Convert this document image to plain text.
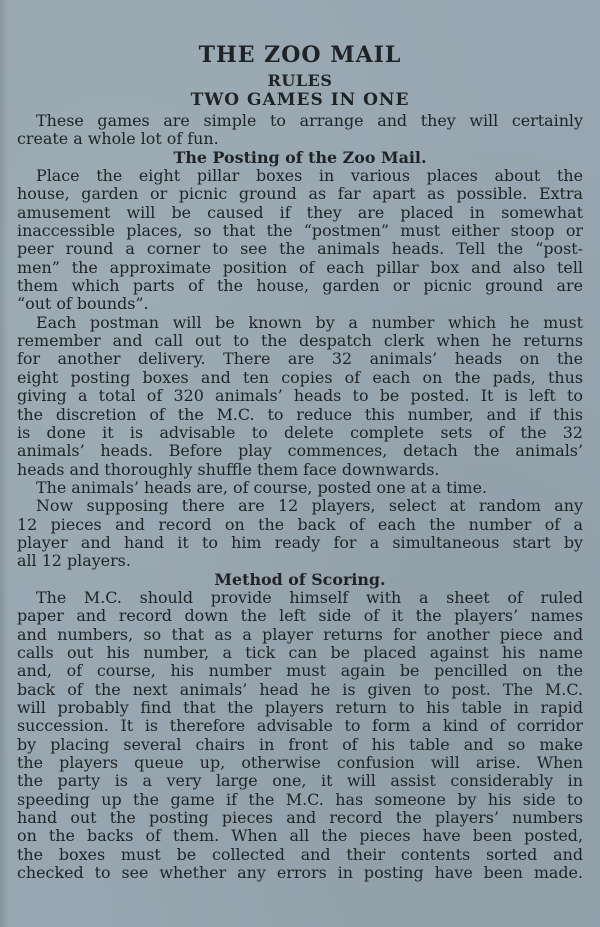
THE ZOO MAIL
RULES
TWO GAMES IN ONE
These games are simple to arrange and they will certainly
create a whole lot of fun.
The Posting of the Zoo Mail.
Place the eight pillar boxes in various places about the
house, garden or picnic ground as far apart as possible. Extra
amusement will be caused if they are placed in somewhat
inaccessible places, so that the “postmen” must either stoop or
peer round a corner to see the animals heads. Tell the “post-
men” the approximate position of each pillar box and also tell
them which parts of the house, garden or picnic ground are
“out of bounds”.
Each postman will be known by a number which he must
remember and call out to the despatch clerk when he returns
for another delivery. There are 32 animals’ heads on the
eight posting boxes and ten copies of each on the pads, thus
giving a total of 320 animals’ heads to be posted. It is left to
the discretion of the M.C. to reduce this number, and if this
is done it is advisable to delete complete sets of the 32
animals’ heads. Before play commences, detach the animals’
heads and thoroughly shuffle them face downwards.
The animals’ heads are, of course, posted one at a time.
Now supposing there are 12 players, select at random any
12 pieces and record on the back of each the number of a
player and hand it to him ready for a simultaneous start by
all 12 players.
Method of Scoring.
The M.C. should provide himself with a sheet of ruled
paper and record down the left side of it the players’ names
and numbers, so that as a player returns for another piece and
calls out his number, a tick can be placed against his name
and, of course, his number must again be pencilled on the
back of the next animals’ head he is given to post. The M.C.
will probably find that the players return to his table in rapid
succession. It is therefore advisable to form a kind of corridor
by placing several chairs in front of his table and so make
the players queue up, otherwise confusion will arise. When
the party is a very large one, it will assist considerably in
speeding up the game if the M.C. has someone by his side to
hand out the posting pieces and record the players’ numbers
on the backs of them. When all the pieces have been posted,
the boxes must be collected and their contents sorted and
checked to see whether any errors in posting have been made.
